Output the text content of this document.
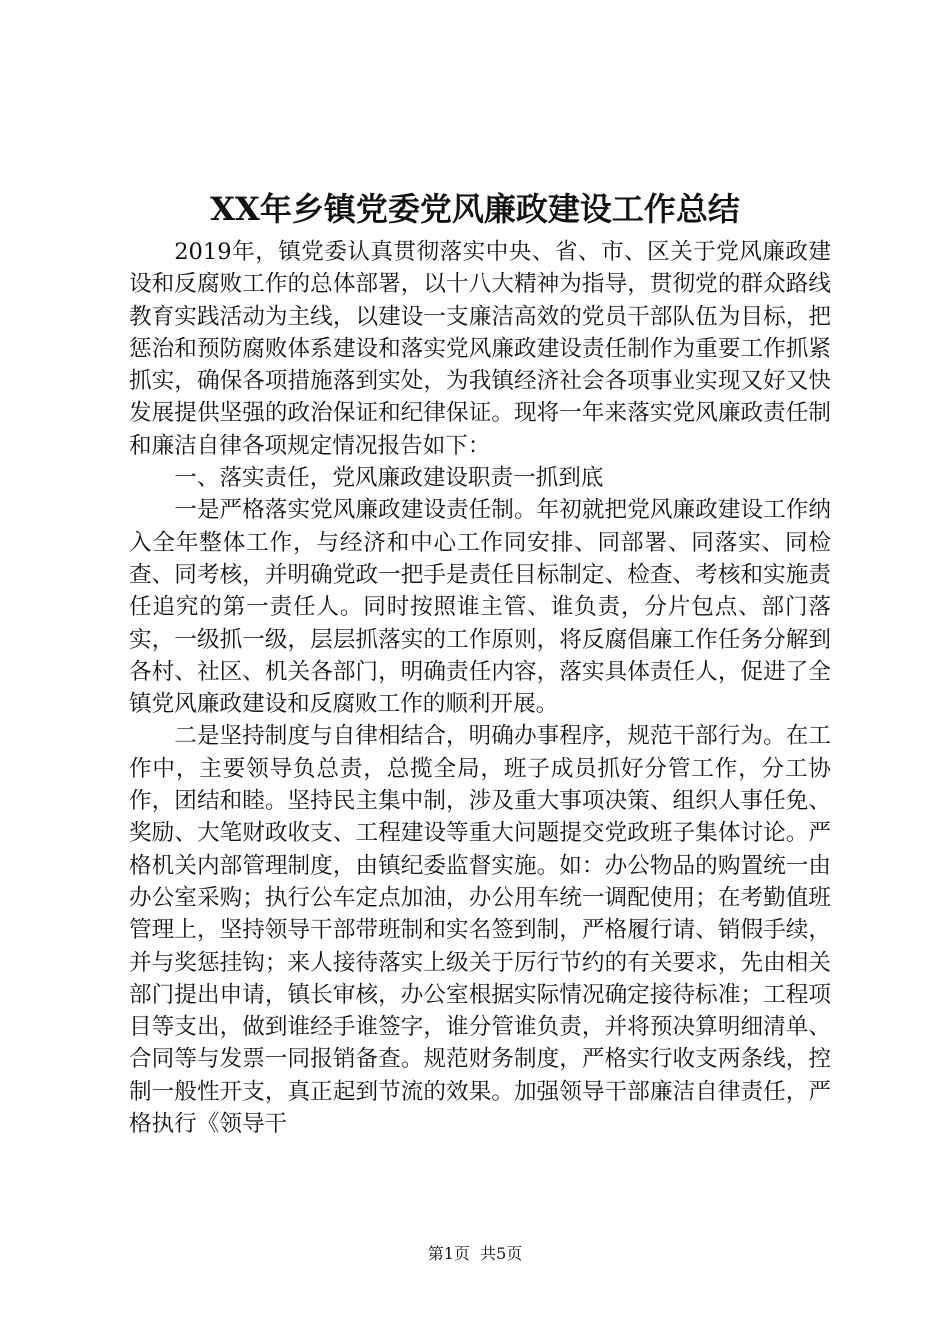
XX年乡镇党委党风廉政建设工作总结

2019年，镇党委认真贯彻落实中央、省、市、区关于党风廉政建设和反腐败工作的总体部署，以十八大精神为指导，贯彻党的群众路线教育实践活动为主线，以建设一支廉洁高效的党员干部队伍为目标，把惩治和预防腐败体系建设和落实党风廉政建设责任制作为重要工作抓紧抓实，确保各项措施落到实处，为我镇经济社会各项事业实现又好又快发展提供坚强的政治保证和纪律保证。现将一年来落实党风廉政责任制和廉洁自律各项规定情况报告如下：

一、落实责任，党风廉政建设职责一抓到底

一是严格落实党风廉政建设责任制。年初就把党风廉政建设工作纳入全年整体工作，与经济和中心工作同安排、同部署、同落实、同检查、同考核，并明确党政一把手是责任目标制定、检查、考核和实施责任追究的第一责任人。同时按照谁主管、谁负责，分片包点、部门落实，一级抓一级，层层抓落实的工作原则，将反腐倡廉工作任务分解到各村、社区、机关各部门，明确责任内容，落实具体责任人，促进了全镇党风廉政建设和反腐败工作的顺利开展。

二是坚持制度与自律相结合，明确办事程序，规范干部行为。在工作中，主要领导负总责，总揽全局，班子成员抓好分管工作，分工协作，团结和睦。坚持民主集中制，涉及重大事项决策、组织人事任免、奖励、大笔财政收支、工程建设等重大问题提交党政班子集体讨论。严格机关内部管理制度，由镇纪委监督实施。如：办公物品的购置统一由办公室采购；执行公车定点加油，办公用车统一调配使用；在考勤值班管理上，坚持领导干部带班制和实名签到制，严格履行请、销假手续，并与奖惩挂钩；来人接待落实上级关于厉行节约的有关要求，先由相关部门提出申请，镇长审核，办公室根据实际情况确定接待标准；工程项目等支出，做到谁经手谁签字，谁分管谁负责，并将预决算明细清单、合同等与发票一同报销备查。规范财务制度，严格实行收支两条线，控制一般性开支，真正起到节流的效果。加强领导干部廉洁自律责任，严格执行《领导干

第1页 共5页
